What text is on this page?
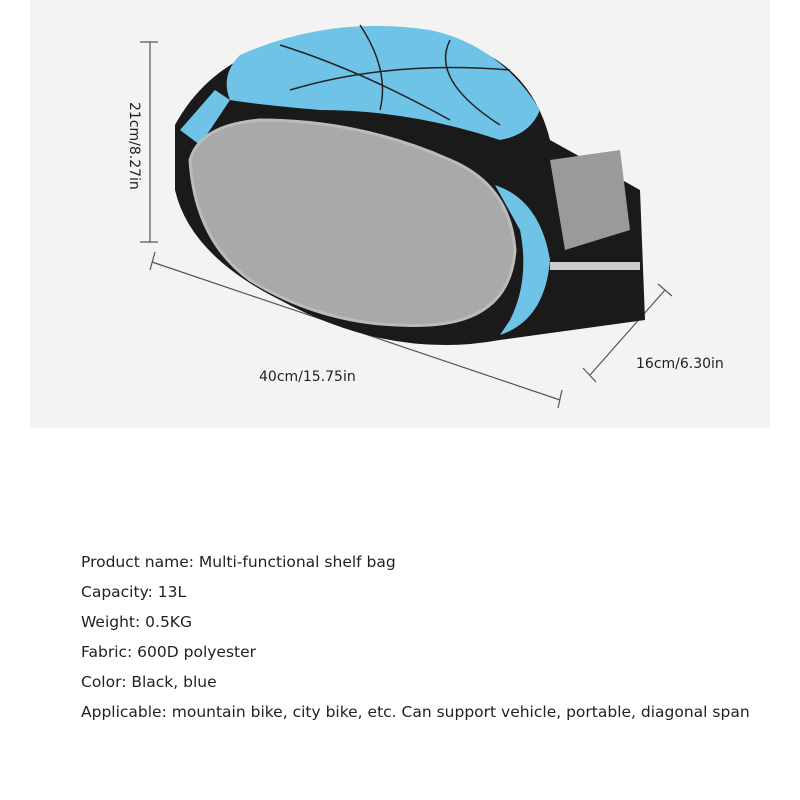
21cm/8.27in
40cm/15.75in
16cm/6.30in
Product name: Multi-functional shelf bag
Capacity: 13L
Weight: 0.5KG
Fabric: 600D polyester
Color: Black, blue
Applicable: mountain bike, city bike, etc. Can support vehicle, portable, diagonal span
